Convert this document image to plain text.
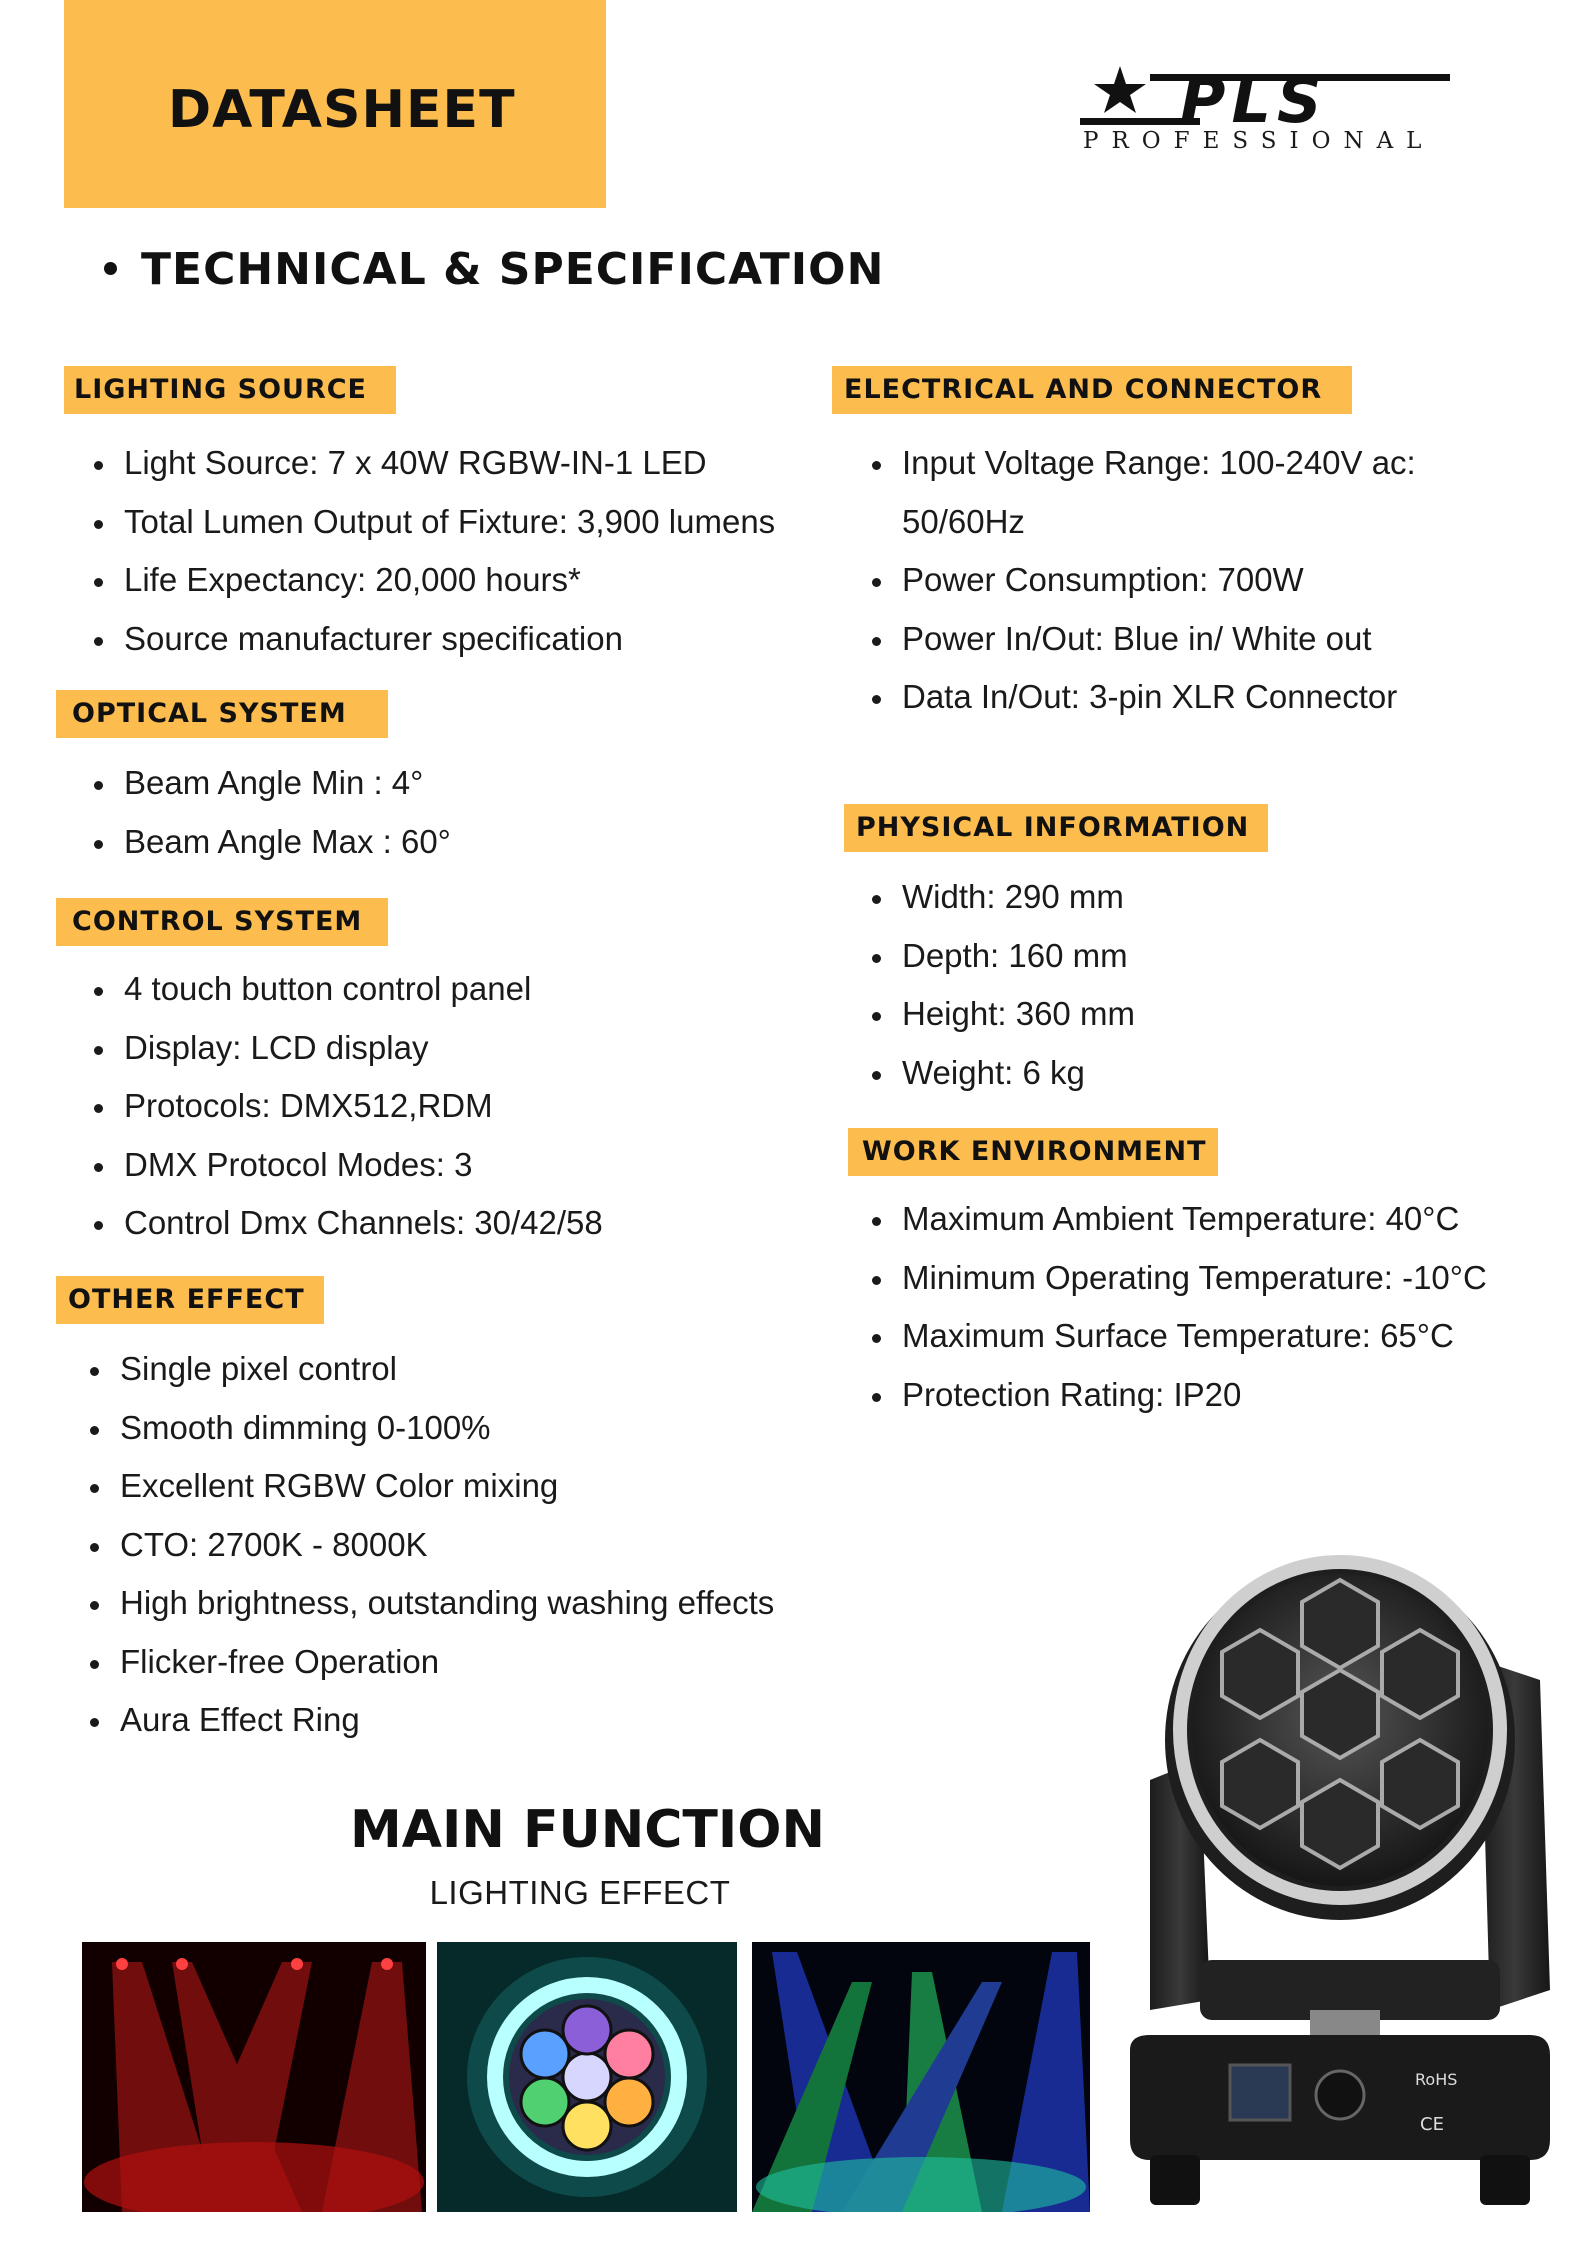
DATASHEET	PLS
PROFESSIONAL
TECHNICAL & SPECIFICATION
LIGHTING SOURCE
Light Source: 7 x 40W RGBW-IN-1 LED
Total Lumen Output of Fixture: 3,900 lumens
Life Expectancy: 20,000 hours*
Source manufacturer specification
OPTICAL SYSTEM
Beam Angle Min : 4°
Beam Angle Max : 60°
CONTROL SYSTEM
4 touch button control panel
Display: LCD display
Protocols: DMX512,RDM
DMX Protocol Modes: 3
Control Dmx Channels: 30/42/58
OTHER EFFECT
Single pixel control
Smooth dimming 0-100%
Excellent RGBW Color mixing
CTO: 2700K - 8000K
High brightness, outstanding washing effects
Flicker-free Operation
Aura Effect Ring
ELECTRICAL AND CONNECTOR
Input Voltage Range: 100-240V ac: 50/60Hz
Power Consumption: 700W
Power In/Out: Blue in/ White out
Data In/Out: 3-pin XLR Connector
PHYSICAL INFORMATION
Width: 290 mm
Depth: 160 mm
Height: 360 mm
Weight: 6 kg
WORK ENVIRONMENT
Maximum Ambient Temperature: 40°C
Minimum Operating Temperature: -10°C
Maximum Surface Temperature: 65°C
Protection Rating: IP20
RoHS
CE
MAIN FUNCTION
LIGHTING EFFECT
